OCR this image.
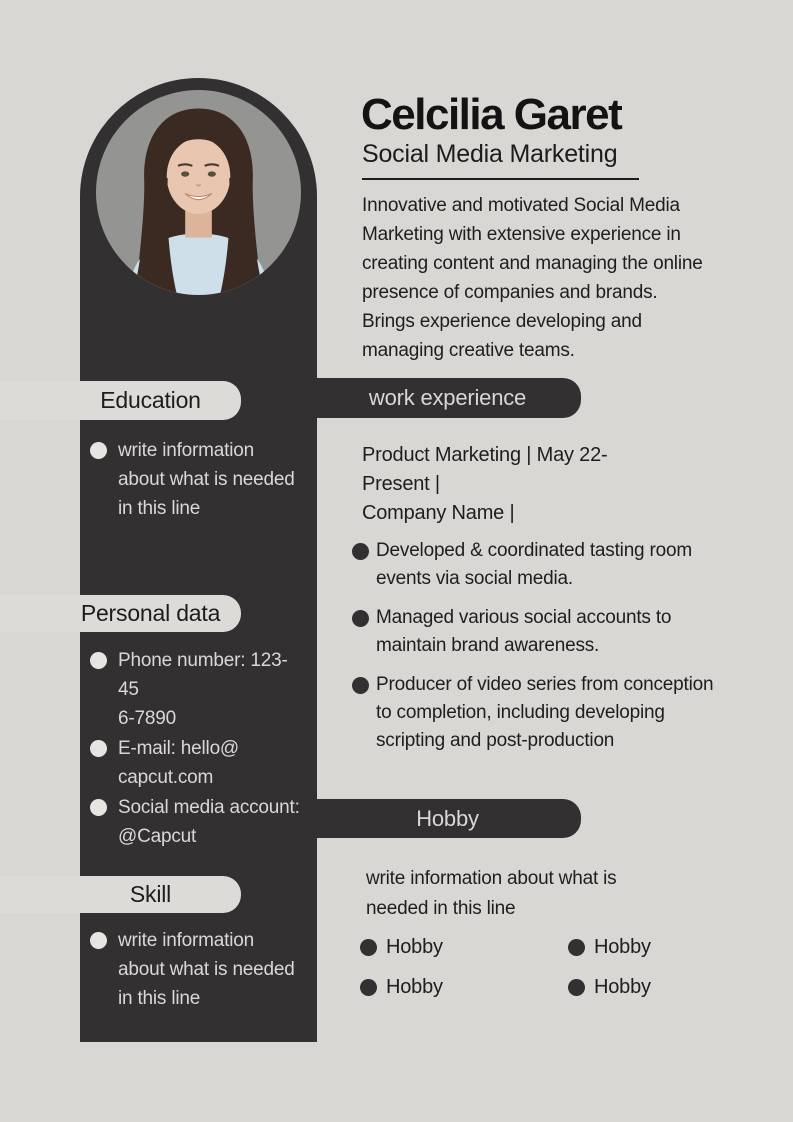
Celcilia Garet
Social Media Marketing
Innovative and motivated Social Media Marketing with extensive experience in creating content and managing the online presence of companies and brands. Brings experience developing and managing creative teams.
Education
write information
about what is needed
in this line
Personal data
Phone number: 123-45
6-7890
E-mail: hello@
capcut.com
Social media account:
@Capcut
Skill
write information
about what is needed
in this line
work experience
Product Marketing | May 22-
Present |
Company Name |
Developed & coordinated tasting room events via social media.
Managed various social accounts to maintain brand awareness.
Producer of video series from conception to completion, including developing scripting and post-production
Hobby
write information about what is needed in this line
Hobby	Hobby
Hobby	Hobby
